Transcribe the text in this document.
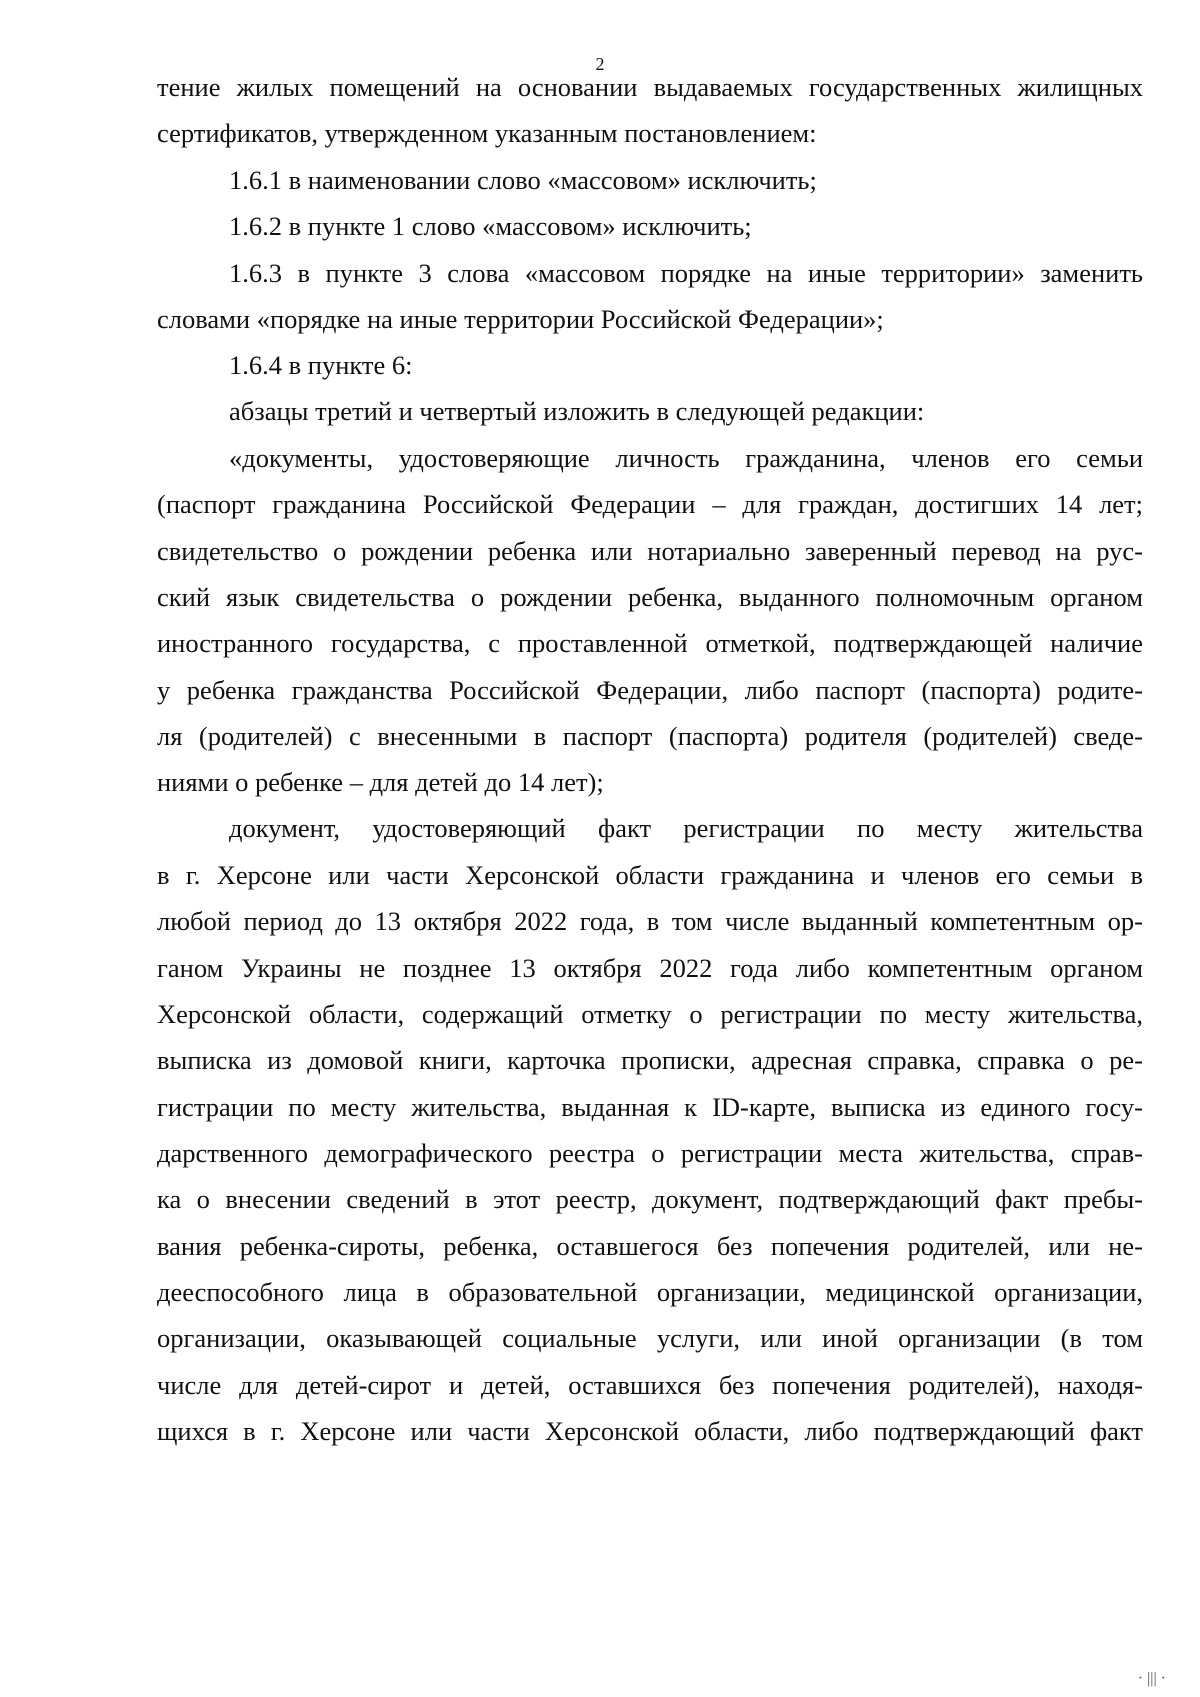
2
тение жилых помещений на основании выдаваемых государственных жилищных
сертификатов, утвержденном указанным постановлением:
1.6.1 в наименовании слово «массовом» исключить;
1.6.2 в пункте 1 слово «массовом» исключить;
1.6.3 в пункте 3 слова «массовом порядке на иные территории» заменить
словами «порядке на иные территории Российской Федерации»;
1.6.4 в пункте 6:
абзацы третий и четвертый изложить в следующей редакции:
«документы, удостоверяющие личность гражданина, членов его семьи
(паспорт гражданина Российской Федерации – для граждан, достигших 14 лет;
свидетельство о рождении ребенка или нотариально заверенный перевод на рус-
ский язык свидетельства о рождении ребенка, выданного полномочным органом
иностранного государства, с проставленной отметкой, подтверждающей наличие
у ребенка гражданства Российской Федерации, либо паспорт (паспорта) родите-
ля (родителей) с внесенными в паспорт (паспорта) родителя (родителей) сведе-
ниями о ребенке – для детей до 14 лет);
документ, удостоверяющий факт регистрации по месту жительства
в г. Херсоне или части Херсонской области гражданина и членов его семьи в
любой период до 13 октября 2022 года, в том числе выданный компетентным ор-
ганом Украины не позднее 13 октября 2022 года либо компетентным органом
Херсонской области, содержащий отметку о регистрации по месту жительства,
выписка из домовой книги, карточка прописки, адресная справка, справка о ре-
гистрации по месту жительства, выданная к ID-карте, выписка из единого госу-
дарственного демографического реестра о регистрации места жительства, справ-
ка о внесении сведений в этот реестр, документ, подтверждающий факт пребы-
вания ребенка-сироты, ребенка, оставшегося без попечения родителей, или не-
дееспособного лица в образовательной организации, медицинской организации,
организации, оказывающей социальные услуги, или иной организации (в том
числе для детей-сирот и детей, оставшихся без попечения родителей), находя-
щихся в г. Херсоне или части Херсонской области, либо подтверждающий факт
· ||| ·
